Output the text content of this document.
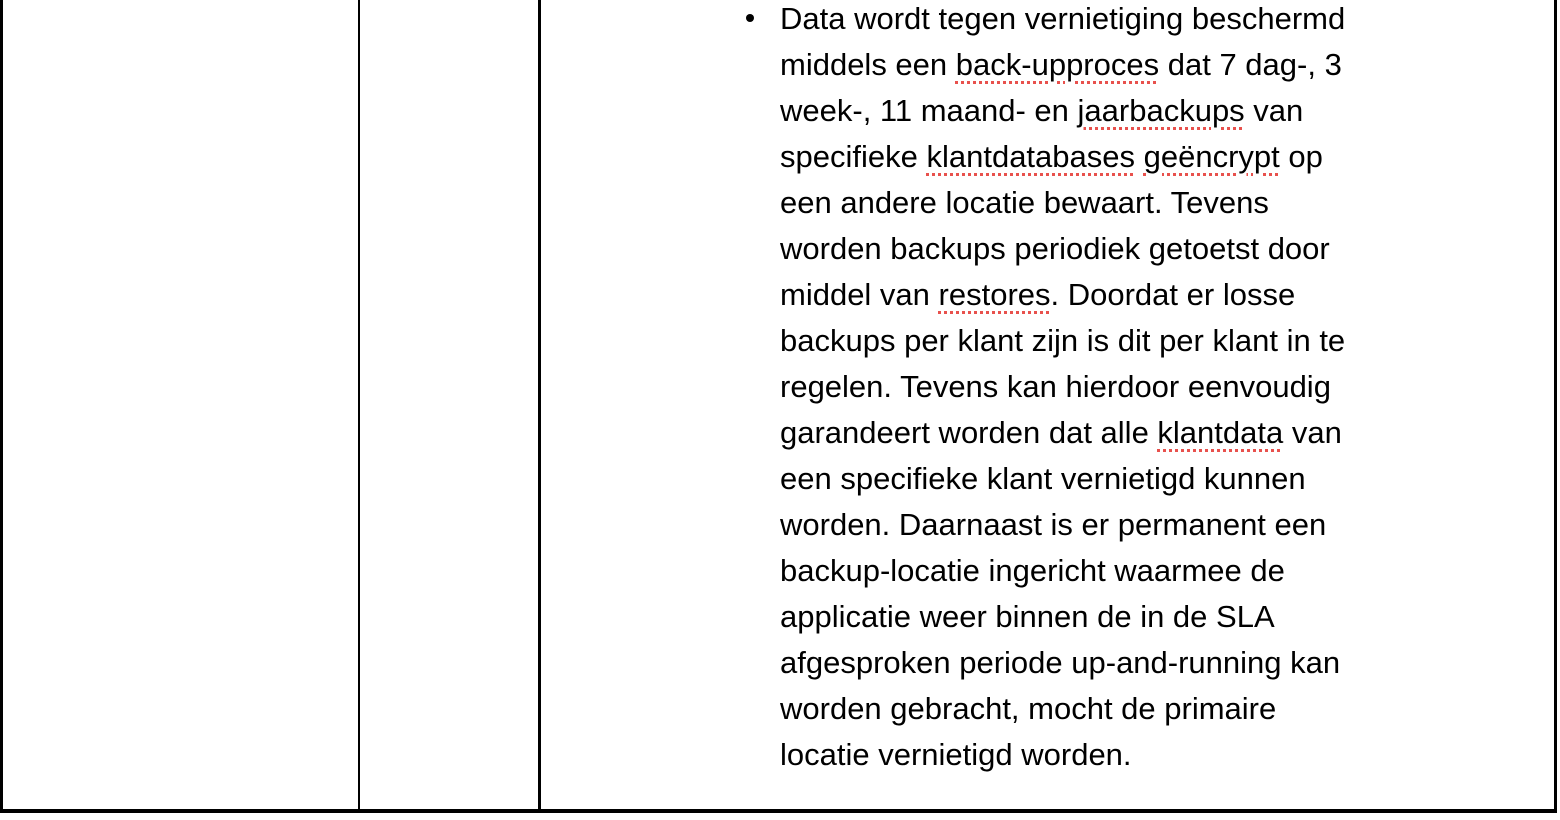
Data wordt tegen vernietiging beschermd
middels een back-upproces dat 7 dag-, 3
week-, 11 maand- en jaarbackups van
specifieke klantdatabases geëncrypt op
een andere locatie bewaart. Tevens
worden backups periodiek getoetst door
middel van restores. Doordat er losse
backups per klant zijn is dit per klant in te
regelen. Tevens kan hierdoor eenvoudig
garandeert worden dat alle klantdata van
een specifieke klant vernietigd kunnen
worden. Daarnaast is er permanent een
backup-locatie ingericht waarmee de
applicatie weer binnen de in de SLA
afgesproken periode up-and-running kan
worden gebracht, mocht de primaire
locatie vernietigd worden.
